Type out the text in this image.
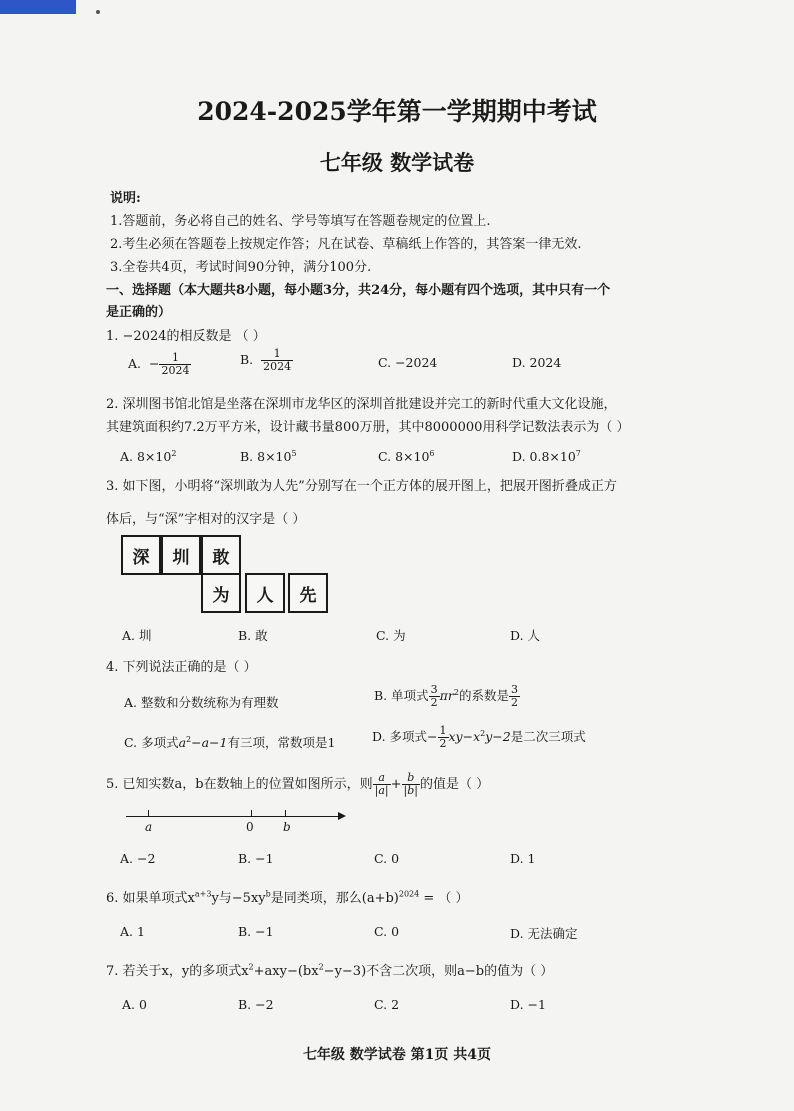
2024-2025学年第一学期期中考试
七年级 数学试卷
说明:
1.答题前，务必将自己的姓名、学号等填写在答题卷规定的位置上.
2.考生必须在答题卷上按规定作答；凡在试卷、草稿纸上作答的，其答案一律无效.
3.全卷共4页，考试时间90分钟，满分100分.
一、选择题（本大题共8小题，每小题3分，共24分，每小题有四个选项，其中只有一个
是正确的）
1. −2024的相反数是 （ ）
A. − $\frac{1}{2024}$	B. $\frac{1}{2024}$	C. −2024	D. 2024
2. 深圳图书馆北馆是坐落在深圳市龙华区的深圳首批建设并完工的新时代重大文化设施，
其建筑面积约7.2万平方米，设计藏书量800万册，其中8000000用科学记数法表示为（ ）
A. $8\times 10^2$	B. $8\times 10^5$	C. $8\times 10^6$	D. $0.8\times 10^7$
3. 如下图，小明将“深圳敢为人先”分别写在一个正方体的展开图上，把展开图折叠成正方
体后，与“深”字相对的汉字是（ ）
深	圳	敢
为	人	先
A. 圳	B. 敢	C. 为	D. 人
4. 下列说法正确的是（ ）
A. 整数和分数统称为有理数	B. 单项式 $\frac{3}{2} \pi r^2$的系数是 $\frac{3}{2}$
C. 多项式$a^2-a-1$有三项，常数项是1	D. 多项式− $\frac{1}{2} xy-x^2y-2$是二次三项式
5. 已知实数a，b在数轴上的位置如图所示，则 $\frac{a}{|a|} + \frac{b}{|b|}$ 的值是（ ）
a	0 b
A. −2	B. −1	C. 0	D. 1
6. 如果单项式$x^{a+3}y$与$-5xy^b$是同类项，那么$(a+b)^{2024}$ = （ ）
A. 1	B. −1	C. 0	D. 无法确定
7. 若关于x，y的多项式$x^2+axy-(bx^2-y-3)$不含二次项，则a−b的值为（ ）
A. 0	B. −2	C. 2	D. −1
七年级 数学试卷 第1页 共4页
